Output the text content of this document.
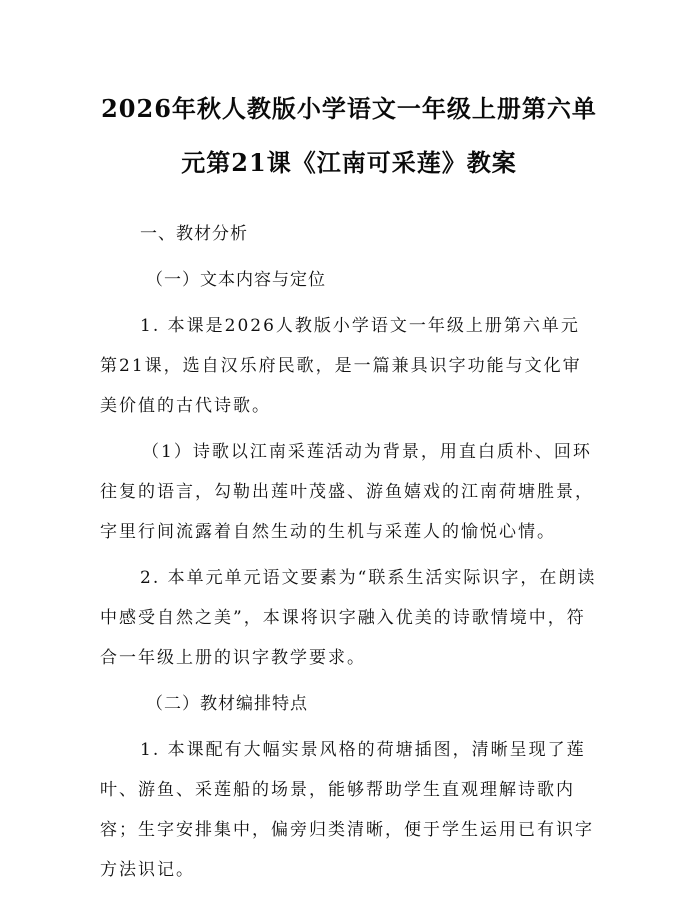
2026年秋人教版小学语文一年级上册第六单
元第21课《江南可采莲》教案
一、教材分析
（一）文本内容与定位

1. 本课是2026人教版小学语文一年级上册第六单元第21课，选自汉乐府民歌，是一篇兼具识字功能与文化审美价值的古代诗歌。

（1）诗歌以江南采莲活动为背景，用直白质朴、回环往复的语言，勾勒出莲叶茂盛、游鱼嬉戏的江南荷塘胜景，字里行间流露着自然生动的生机与采莲人的愉悦心情。

2. 本单元单元语文要素为“联系生活实际识字，在朗读中感受自然之美”，本课将识字融入优美的诗歌情境中，符合一年级上册的识字教学要求。

（二）教材编排特点

1. 本课配有大幅实景风格的荷塘插图，清晰呈现了莲叶、游鱼、采莲船的场景，能够帮助学生直观理解诗歌内容；生字安排集中，偏旁归类清晰，便于学生运用已有识字方法识记。
